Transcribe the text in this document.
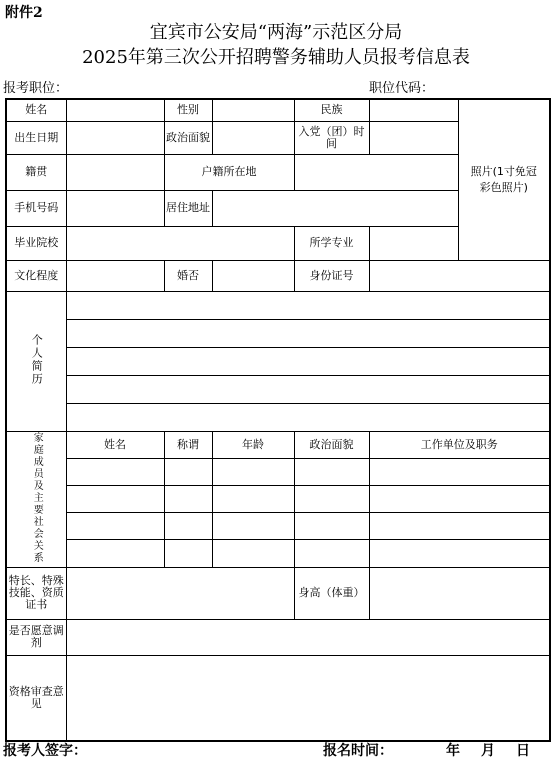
附件2
宜宾市公安局“两海”示范区分局
2025年第三次公开招聘警务辅助人员报考信息表
报考职位：	职位代码：
姓名		性别		民族		照片(1寸免冠彩色照片)
出生日期		政治面貌		入党（团）时间		
籍贯		户籍所在地				
手机号码		居住地址				
毕业院校				所学专业		
文化程度		婚否		身份证号		
个人简历						

家庭成员及主要社会关系	姓名	称谓	年龄	政治面貌	工作单位及职务	

特长、特殊技能、资质证书				身高（体重）		
是否愿意调剂						
资格审查意见						
报考人签字：	报名时间：	年 月 日
